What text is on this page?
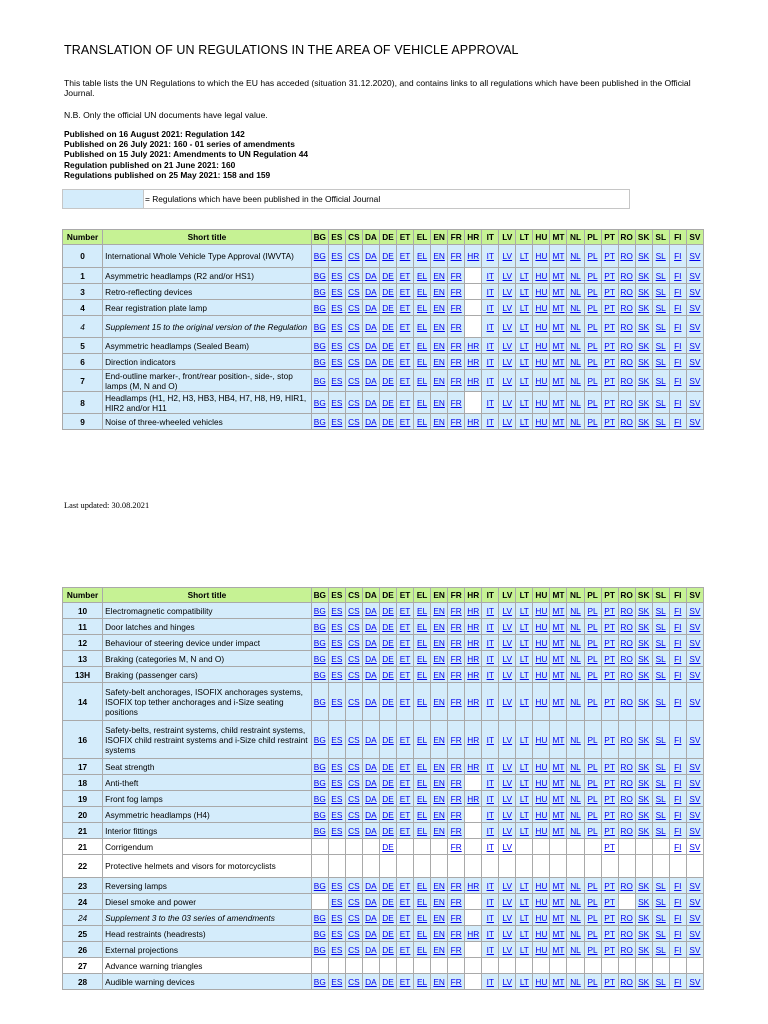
TRANSLATION OF UN REGULATIONS IN THE AREA OF VEHICLE APPROVAL
This table lists the UN Regulations to which the EU has acceded (situation 31.12.2020), and contains links to all regulations which have been published in the Official Journal.
N.B. Only the official UN documents have legal value.
Published on 16 August 2021: Regulation 142
Published on 26 July 2021: 160 - 01 series of amendments
Published on 15 July 2021: Amendments to UN Regulation 44
Regulation published on 21 June 2021: 160
Regulations published on 25 May 2021: 158 and 159
= Regulations which have been published in the Official Journal
Number	Short title	BG	ES	CS	DA	DE	ET	EL	EN	FR	HR	IT	LV	LT	HU	MT	NL	PL	PT	RO	SK	SL	FI	SV
0	International Whole Vehicle Type Approval (IWVTA)	BG	ES	CS	DA	DE	ET	EL	EN	FR	HR	IT	LV	LT	HU	MT	NL	PL	PT	RO	SK	SL	FI	SV
1	Asymmetric headlamps (R2 and/or HS1)	BG	ES	CS	DA	DE	ET	EL	EN	FR		IT	LV	LT	HU	MT	NL	PL	PT	RO	SK	SL	FI	SV
3	Retro-reflecting devices	BG	ES	CS	DA	DE	ET	EL	EN	FR		IT	LV	LT	HU	MT	NL	PL	PT	RO	SK	SL	FI	SV
4	Rear registration plate lamp	BG	ES	CS	DA	DE	ET	EL	EN	FR		IT	LV	LT	HU	MT	NL	PL	PT	RO	SK	SL	FI	SV
4	Supplement 15 to the original version of the Regulation	BG	ES	CS	DA	DE	ET	EL	EN	FR		IT	LV	LT	HU	MT	NL	PL	PT	RO	SK	SL	FI	SV
5	Asymmetric headlamps (Sealed Beam)	BG	ES	CS	DA	DE	ET	EL	EN	FR	HR	IT	LV	LT	HU	MT	NL	PL	PT	RO	SK	SL	FI	SV
6	Direction indicators	BG	ES	CS	DA	DE	ET	EL	EN	FR	HR	IT	LV	LT	HU	MT	NL	PL	PT	RO	SK	SL	FI	SV
7	End-outline marker-, front/rear position-, side-, stop lamps (M, N and O)	BG	ES	CS	DA	DE	ET	EL	EN	FR	HR	IT	LV	LT	HU	MT	NL	PL	PT	RO	SK	SL	FI	SV
8	Headlamps (H1, H2, H3, HB3, HB4, H7, H8, H9, HIR1, HIR2 and/or H11	BG	ES	CS	DA	DE	ET	EL	EN	FR		IT	LV	LT	HU	MT	NL	PL	PT	RO	SK	SL	FI	SV
9	Noise of three-wheeled vehicles	BG	ES	CS	DA	DE	ET	EL	EN	FR	HR	IT	LV	LT	HU	MT	NL	PL	PT	RO	SK	SL	FI	SV
Last updated: 30.08.2021
Number	Short title	BG	ES	CS	DA	DE	ET	EL	EN	FR	HR	IT	LV	LT	HU	MT	NL	PL	PT	RO	SK	SL	FI	SV
10	Electromagnetic compatibility	BG	ES	CS	DA	DE	ET	EL	EN	FR	HR	IT	LV	LT	HU	MT	NL	PL	PT	RO	SK	SL	FI	SV
11	Door latches and hinges	BG	ES	CS	DA	DE	ET	EL	EN	FR	HR	IT	LV	LT	HU	MT	NL	PL	PT	RO	SK	SL	FI	SV
12	Behaviour of steering device under impact	BG	ES	CS	DA	DE	ET	EL	EN	FR	HR	IT	LV	LT	HU	MT	NL	PL	PT	RO	SK	SL	FI	SV
13	Braking (categories M, N and O)	BG	ES	CS	DA	DE	ET	EL	EN	FR	HR	IT	LV	LT	HU	MT	NL	PL	PT	RO	SK	SL	FI	SV
13H	Braking (passenger cars)	BG	ES	CS	DA	DE	ET	EL	EN	FR	HR	IT	LV	LT	HU	MT	NL	PL	PT	RO	SK	SL	FI	SV
14	Safety-belt anchorages, ISOFIX anchorages systems, ISOFIX top tether anchorages and i-Size seating positions	BG	ES	CS	DA	DE	ET	EL	EN	FR	HR	IT	LV	LT	HU	MT	NL	PL	PT	RO	SK	SL	FI	SV
16	Safety-belts, restraint systems, child restraint systems, ISOFIX child restraint systems and i-Size child restraint systems	BG	ES	CS	DA	DE	ET	EL	EN	FR	HR	IT	LV	LT	HU	MT	NL	PL	PT	RO	SK	SL	FI	SV
17	Seat strength	BG	ES	CS	DA	DE	ET	EL	EN	FR	HR	IT	LV	LT	HU	MT	NL	PL	PT	RO	SK	SL	FI	SV
18	Anti-theft	BG	ES	CS	DA	DE	ET	EL	EN	FR		IT	LV	LT	HU	MT	NL	PL	PT	RO	SK	SL	FI	SV
19	Front fog lamps	BG	ES	CS	DA	DE	ET	EL	EN	FR	HR	IT	LV	LT	HU	MT	NL	PL	PT	RO	SK	SL	FI	SV
20	Asymmetric headlamps (H4)	BG	ES	CS	DA	DE	ET	EL	EN	FR		IT	LV	LT	HU	MT	NL	PL	PT	RO	SK	SL	FI	SV
21	Interior fittings	BG	ES	CS	DA	DE	ET	EL	EN	FR		IT	LV	LT	HU	MT	NL	PL	PT	RO	SK	SL	FI	SV
21	Corrigendum					DE				FR		IT	LV						PT				FI	SV
22	Protective helmets and visors for motorcyclists																							
23	Reversing lamps	BG	ES	CS	DA	DE	ET	EL	EN	FR	HR	IT	LV	LT	HU	MT	NL	PL	PT	RO	SK	SL	FI	SV
24	Diesel smoke and power		ES	CS	DA	DE	ET	EL	EN	FR		IT	LV	LT	HU	MT	NL	PL	PT		SK	SL	FI	SV
24	Supplement 3 to the 03 series of amendments	BG	ES	CS	DA	DE	ET	EL	EN	FR		IT	LV	LT	HU	MT	NL	PL	PT	RO	SK	SL	FI	SV
25	Head restraints (headrests)	BG	ES	CS	DA	DE	ET	EL	EN	FR	HR	IT	LV	LT	HU	MT	NL	PL	PT	RO	SK	SL	FI	SV
26	External projections	BG	ES	CS	DA	DE	ET	EL	EN	FR		IT	LV	LT	HU	MT	NL	PL	PT	RO	SK	SL	FI	SV
27	Advance warning triangles																							
28	Audible warning devices	BG	ES	CS	DA	DE	ET	EL	EN	FR		IT	LV	LT	HU	MT	NL	PL	PT	RO	SK	SL	FI	SV
